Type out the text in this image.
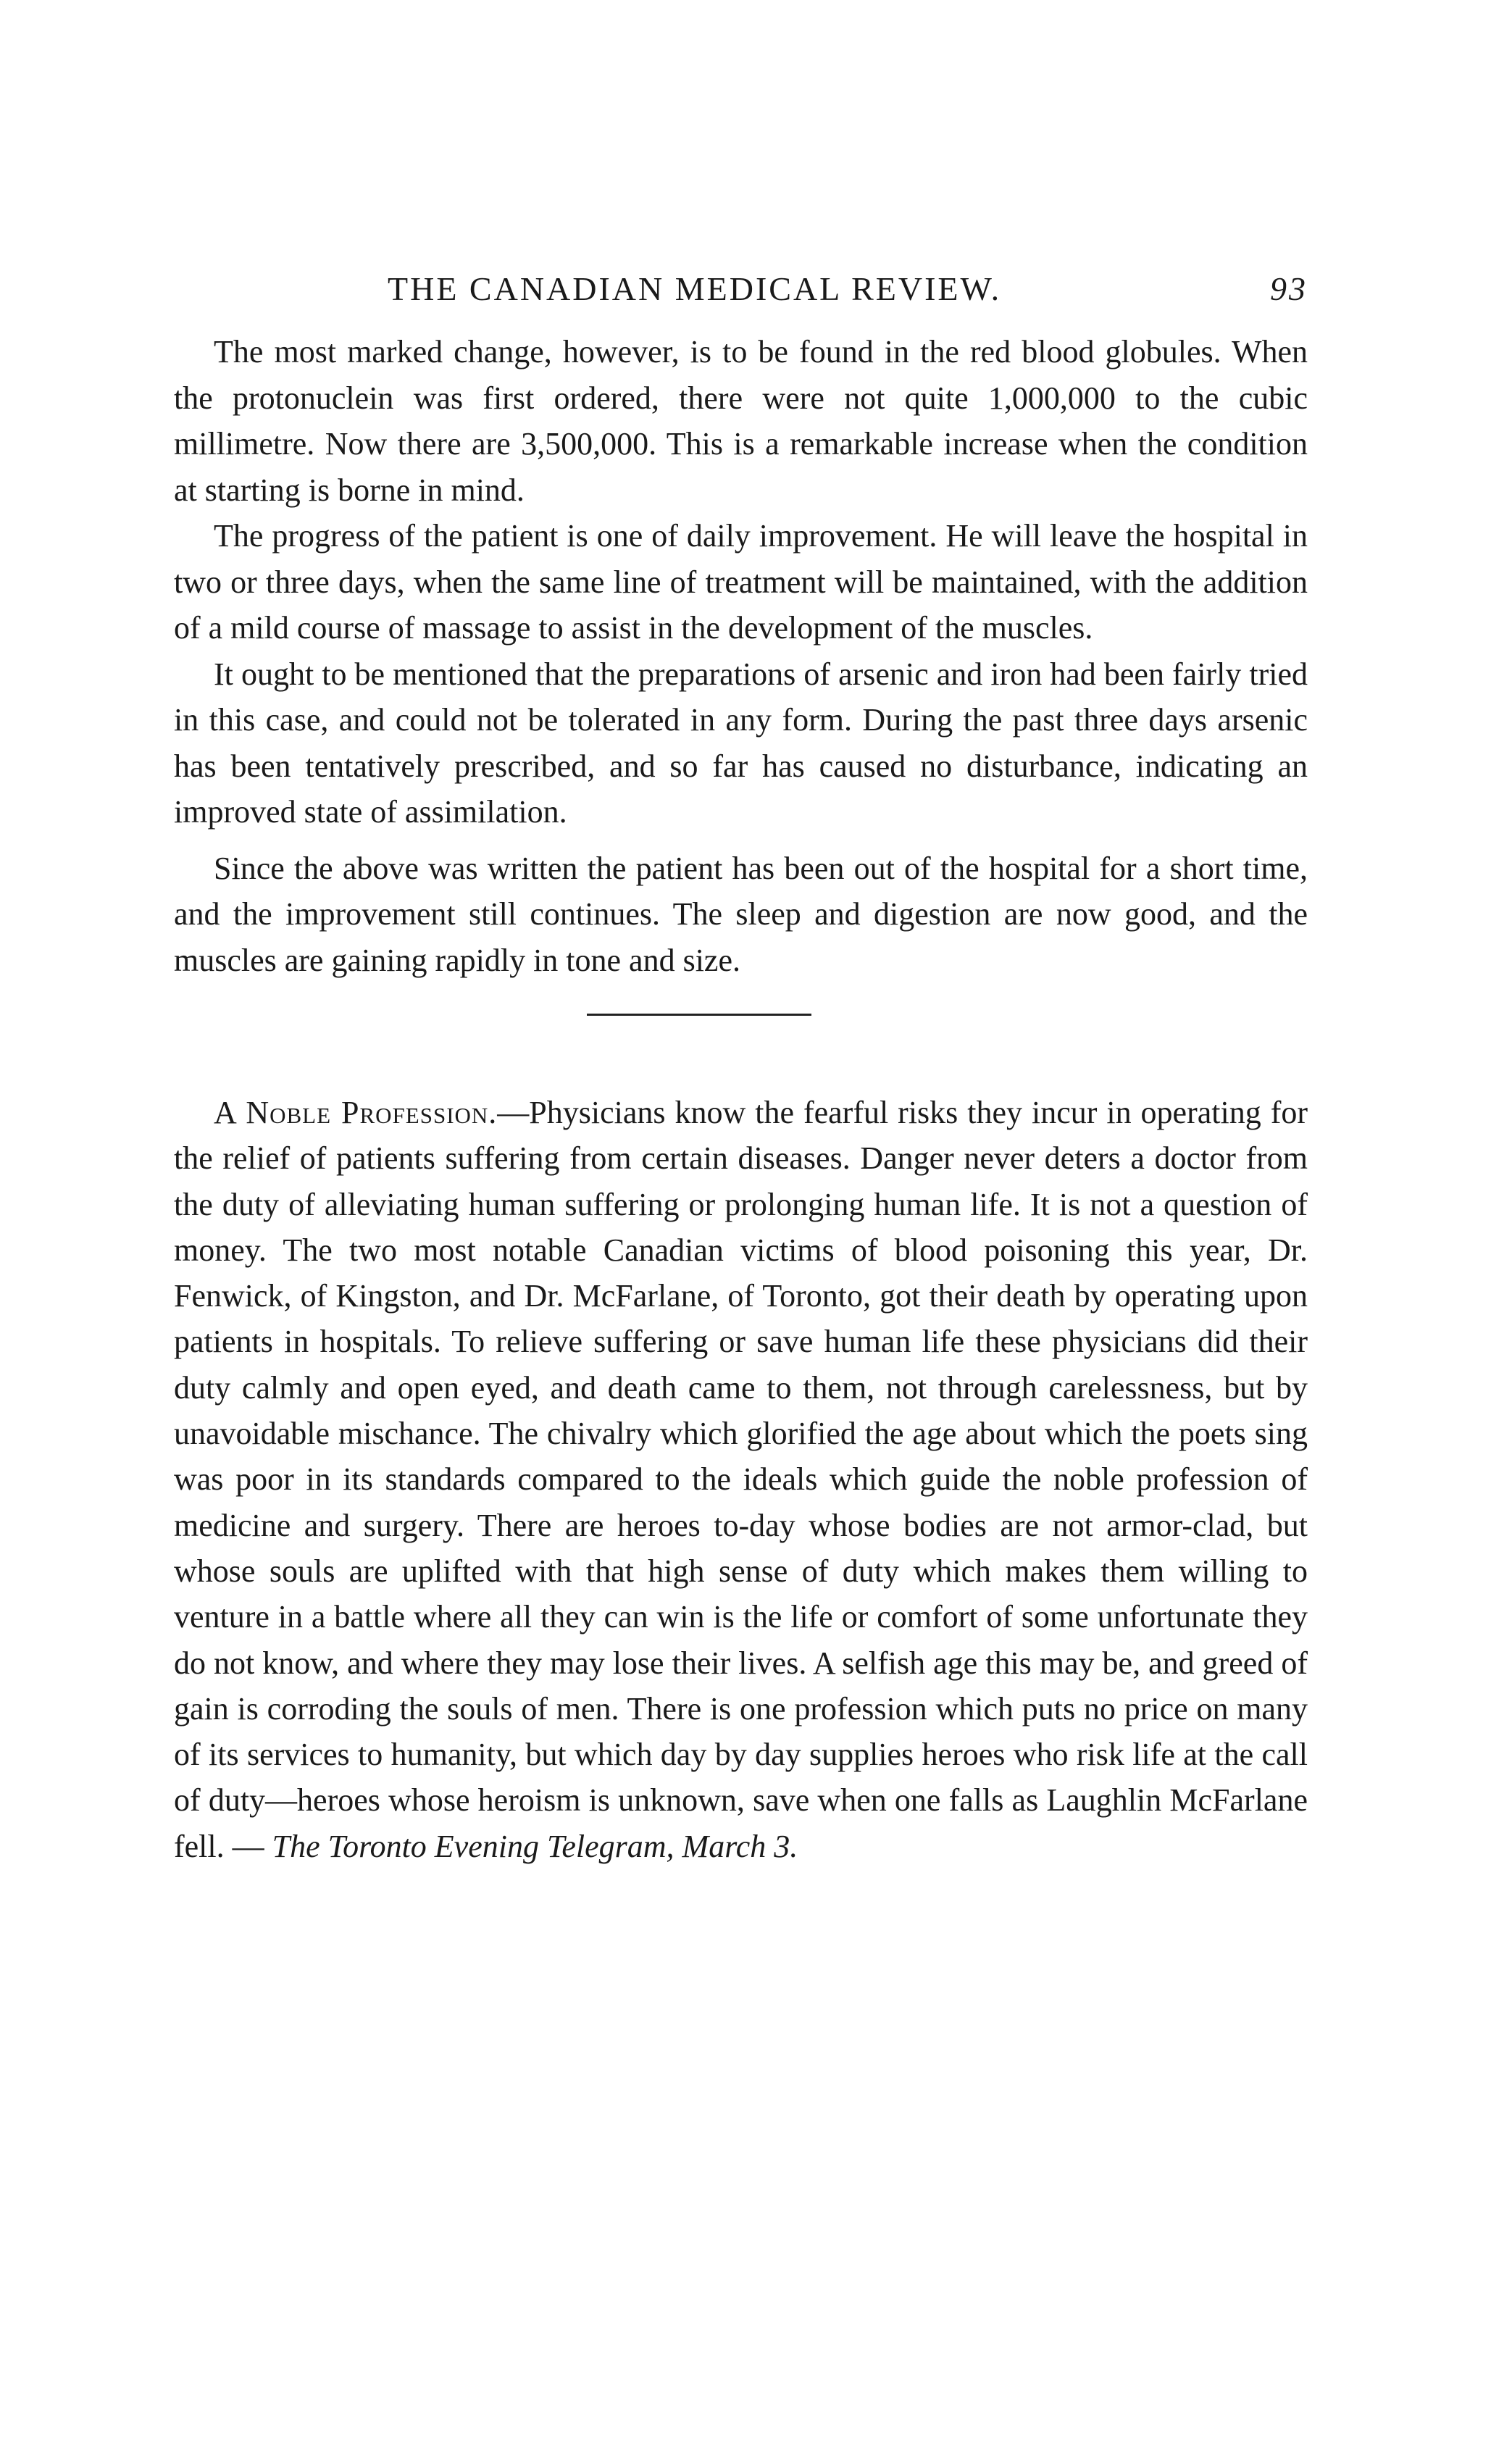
THE CANADIAN MEDICAL REVIEW.	93

The most marked change, however, is to be found in the red blood globules. When the protonuclein was first ordered, there were not quite 1,000,000 to the cubic millimetre. Now there are 3,500,000. This is a remarkable increase when the condition at starting is borne in mind.

The progress of the patient is one of daily improvement. He will leave the hospital in two or three days, when the same line of treatment will be maintained, with the addition of a mild course of massage to assist in the development of the muscles.

It ought to be mentioned that the preparations of arsenic and iron had been fairly tried in this case, and could not be tolerated in any form. During the past three days arsenic has been tentatively prescribed, and so far has caused no disturbance, indicating an improved state of assimilation.

Since the above was written the patient has been out of the hospital for a short time, and the improvement still continues. The sleep and digestion are now good, and the muscles are gaining rapidly in tone and size.

A Noble Profession.—Physicians know the fearful risks they incur in operating for the relief of patients suffering from certain diseases. Danger never deters a doctor from the duty of alleviating human suffering or prolonging human life. It is not a question of money. The two most notable Canadian victims of blood poisoning this year, Dr. Fenwick, of Kingston, and Dr. McFarlane, of Toronto, got their death by operating upon patients in hospitals. To relieve suffering or save human life these physicians did their duty calmly and open eyed, and death came to them, not through carelessness, but by unavoidable mischance. The chivalry which glorified the age about which the poets sing was poor in its standards compared to the ideals which guide the noble profession of medicine and surgery. There are heroes to-day whose bodies are not armor-clad, but whose souls are uplifted with that high sense of duty which makes them willing to venture in a battle where all they can win is the life or comfort of some unfortunate they do not know, and where they may lose their lives. A selfish age this may be, and greed of gain is corroding the souls of men. There is one profession which puts no price on many of its services to humanity, but which day by day supplies heroes who risk life at the call of duty—heroes whose heroism is unknown, save when one falls as Laughlin McFarlane fell. — The Toronto Evening Telegram, March 3.
